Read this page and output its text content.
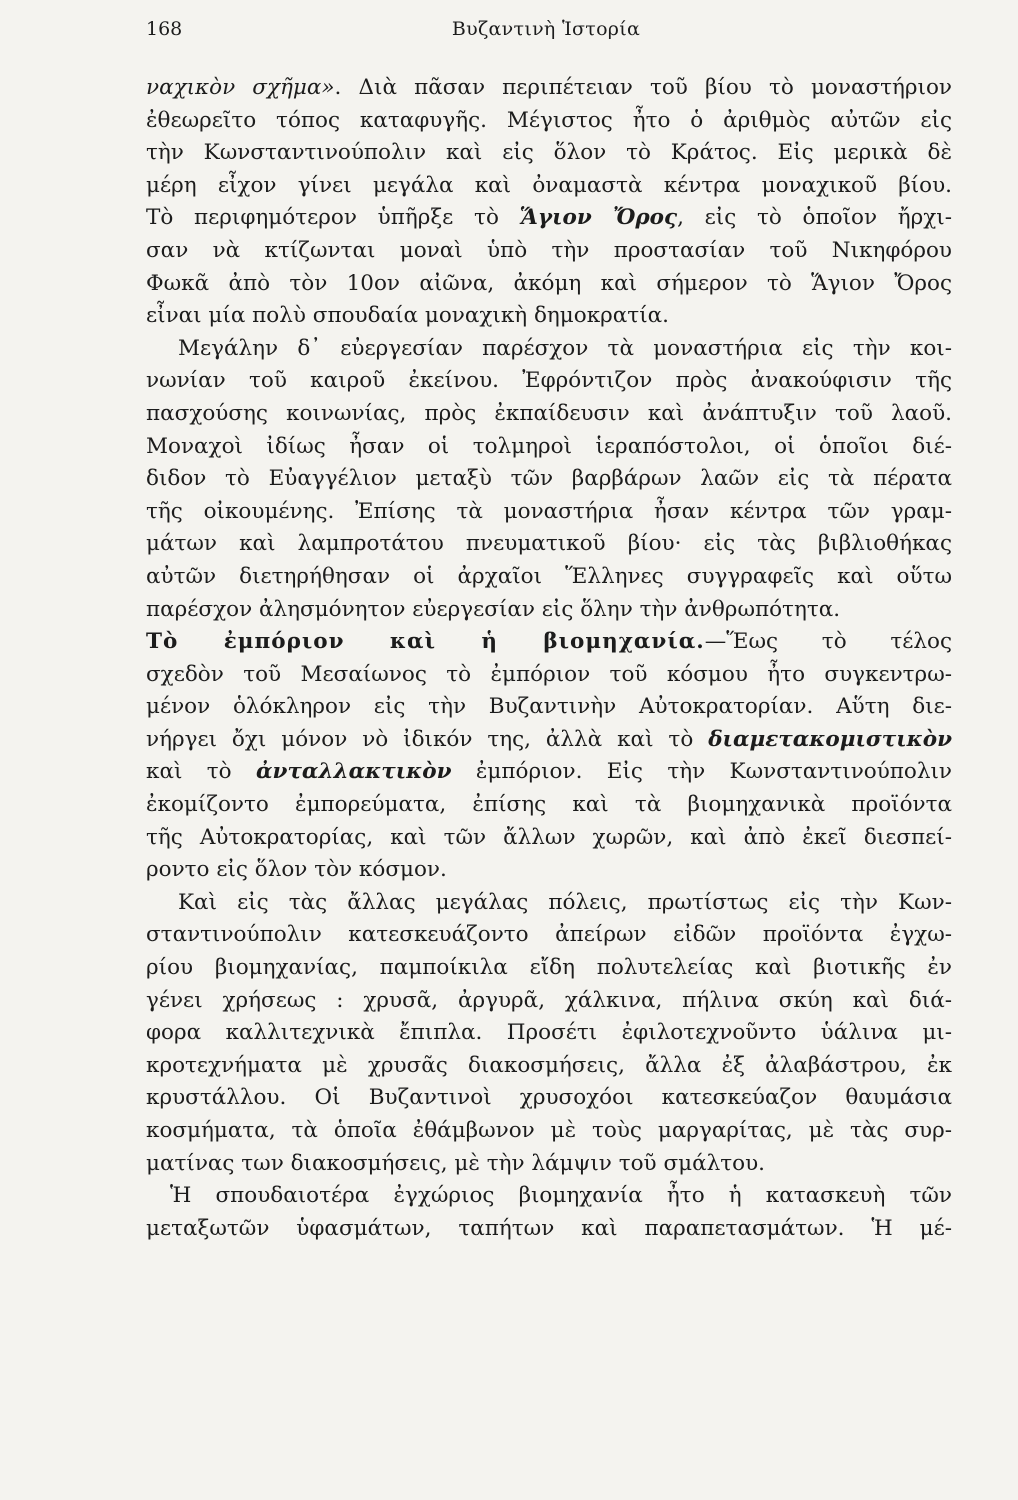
168	Βυζαντινὴ Ἱστορία
ναχικὸν σχῆμα». Διὰ πᾶσαν περιπέτειαν τοῦ βίου τὸ μοναστήριον
ἐθεωρεῖτο τόπος καταφυγῆς. Μέγιστος ἦτο ὁ ἀριθμὸς αὐτῶν εἰς
τὴν Κωνσταντινούπολιν καὶ εἰς ὅλον τὸ Κράτος. Εἰς μερικὰ δὲ
μέρη εἶχον γίνει μεγάλα καὶ ὀναμαστὰ κέντρα μοναχικοῦ βίου.
Τὸ περιφημότερον ὑπῆρξε τὸ Ἅγιον Ὄρος, εἰς τὸ ὁποῖον ἤρχι-
σαν νὰ κτίζωνται μοναὶ ὑπὸ τὴν προστασίαν τοῦ Νικηφόρου
Φωκᾶ ἀπὸ τὸν 10ον αἰῶνα, ἀκόμη καὶ σήμερον τὸ Ἅγιον Ὄρος
εἶναι μία πολὺ σπουδαία μοναχικὴ δημοκρατία.
Μεγάλην δ᾽ εὐεργεσίαν παρέσχον τὰ μοναστήρια εἰς τὴν κοι-
νωνίαν τοῦ καιροῦ ἐκείνου. Ἐφρόντιζον πρὸς ἀνακούφισιν τῆς
πασχούσης κοινωνίας, πρὸς ἐκπαίδευσιν καὶ ἀνάπτυξιν τοῦ λαοῦ.
Μοναχοὶ ἰδίως ἦσαν οἱ τολμηροὶ ἱεραπόστολοι, οἱ ὁποῖοι διέ-
διδον τὸ Εὐαγγέλιον μεταξὺ τῶν βαρβάρων λαῶν εἰς τὰ πέρατα
τῆς οἰκουμένης. Ἐπίσης τὰ μοναστήρια ἦσαν κέντρα τῶν γραμ-
μάτων καὶ λαμπροτάτου πνευματικοῦ βίου· εἰς τὰς βιβλιοθήκας
αὐτῶν διετηρήθησαν οἱ ἀρχαῖοι Ἕλληνες συγγραφεῖς καὶ οὕτω
παρέσχον ἀλησμόνητον εὐεργεσίαν εἰς ὅλην τὴν ἀνθρωπότητα.
Τὸ ἐμπόριον καὶ ἡ βιομηχανία.—Ἕως τὸ τέλος
σχεδὸν τοῦ Μεσαίωνος τὸ ἐμπόριον τοῦ κόσμου ἦτο συγκεντρω-
μένον ὁλόκληρον εἰς τὴν Βυζαντινὴν Αὐτοκρατορίαν. Αὕτη διε-
νήργει ὄχι μόνον νὸ ἰδικόν της, ἀλλὰ καὶ τὸ διαμετακομιστικὸν
καὶ τὸ ἀνταλλακτικὸν ἐμπόριον. Εἰς τὴν Κωνσταντινούπολιν
ἐκομίζοντο ἐμπορεύματα, ἐπίσης καὶ τὰ βιομηχανικὰ προϊόντα
τῆς Αὐτοκρατορίας, καὶ τῶν ἄλλων χωρῶν, καὶ ἀπὸ ἐκεῖ διεσπεί-
ροντο εἰς ὅλον τὸν κόσμον.
Καὶ εἰς τὰς ἄλλας μεγάλας πόλεις, πρωτίστως εἰς τὴν Κων-
σταντινούπολιν κατεσκευάζοντο ἀπείρων εἰδῶν προϊόντα ἐγχω-
ρίου βιομηχανίας, παμποίκιλα εἴδη πολυτελείας καὶ βιοτικῆς ἐν
γένει χρήσεως : χρυσᾶ, ἀργυρᾶ, χάλκινα, πήλινα σκύη καὶ διά-
φορα καλλιτεχνικὰ ἔπιπλα. Προσέτι ἐφιλοτεχνοῦντο ὑάλινα μι-
κροτεχνήματα μὲ χρυσᾶς διακοσμήσεις, ἄλλα ἐξ ἀλαβάστρου, ἐκ
κρυστάλλου. Οἱ Βυζαντινοὶ χρυσοχόοι κατεσκεύαζον θαυμάσια
κοσμήματα, τὰ ὁποῖα ἐθάμβωνον μὲ τοὺς μαργαρίτας, μὲ τὰς συρ-
ματίνας των διακοσμήσεις, μὲ τὴν λάμψιν τοῦ σμάλτου.
Ἡ σπουδαιοτέρα ἐγχώριος βιομηχανία ἦτο ἡ κατασκευὴ τῶν
μεταξωτῶν ὑφασμάτων, ταπήτων καὶ παραπετασμάτων. Ἡ μέ-
